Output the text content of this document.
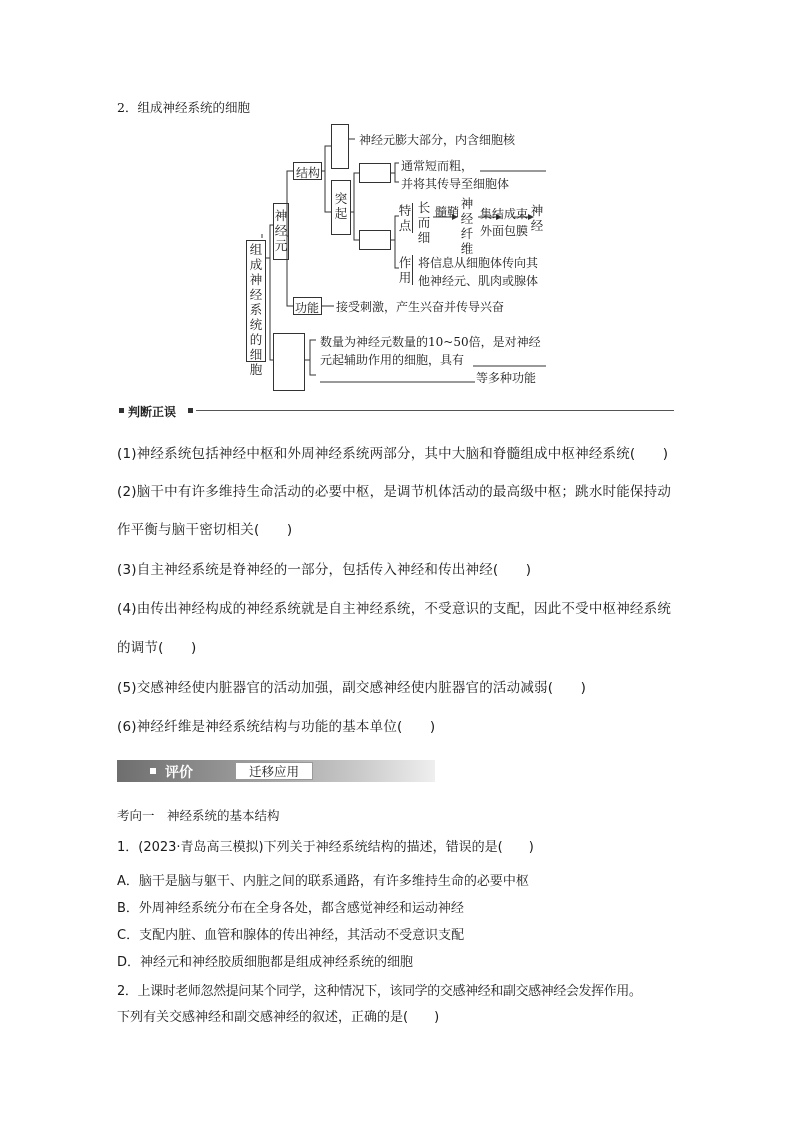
2．组成神经系统的细胞
组成神经系统的细胞
神经元
结构
神经元膨大部分，内含细胞核
突起
通常短而粗，
并将其传导至细胞体
特点
长而细
髓鞘
神经纤维
集结成束
外面包膜
神经
作用
将信息从细胞体传向其
他神经元、肌肉或腺体
功能 接受刺激，产生兴奋并传导兴奋
数量为神经元数量的10~50倍，是对神经
元起辅助作用的细胞，具有
等多种功能
判断正误
(1)神经系统包括神经中枢和外周神经系统两部分，其中大脑和脊髓组成中枢神经系统(　　)
(2)脑干中有许多维持生命活动的必要中枢，是调节机体活动的最高级中枢；跳水时能保持动
作平衡与脑干密切相关(　　)
(3)自主神经系统是脊神经的一部分，包括传入神经和传出神经(　　)
(4)由传出神经构成的神经系统就是自主神经系统，不受意识的支配，因此不受中枢神经系统
的调节(　　)
(5)交感神经使内脏器官的活动加强，副交感神经使内脏器官的活动减弱(　　)
(6)神经纤维是神经系统结构与功能的基本单位(　　)
评价	迁移应用
考向一　神经系统的基本结构
1．(2023·青岛高三模拟)下列关于神经系统结构的描述，错误的是(　　)
A．脑干是脑与躯干、内脏之间的联系通路，有许多维持生命的必要中枢
B．外周神经系统分布在全身各处，都含感觉神经和运动神经
C．支配内脏、血管和腺体的传出神经，其活动不受意识支配
D．神经元和神经胶质细胞都是组成神经系统的细胞
2．上课时老师忽然提问某个同学，这种情况下，该同学的交感神经和副交感神经会发挥作用。
下列有关交感神经和副交感神经的叙述，正确的是(　　)
